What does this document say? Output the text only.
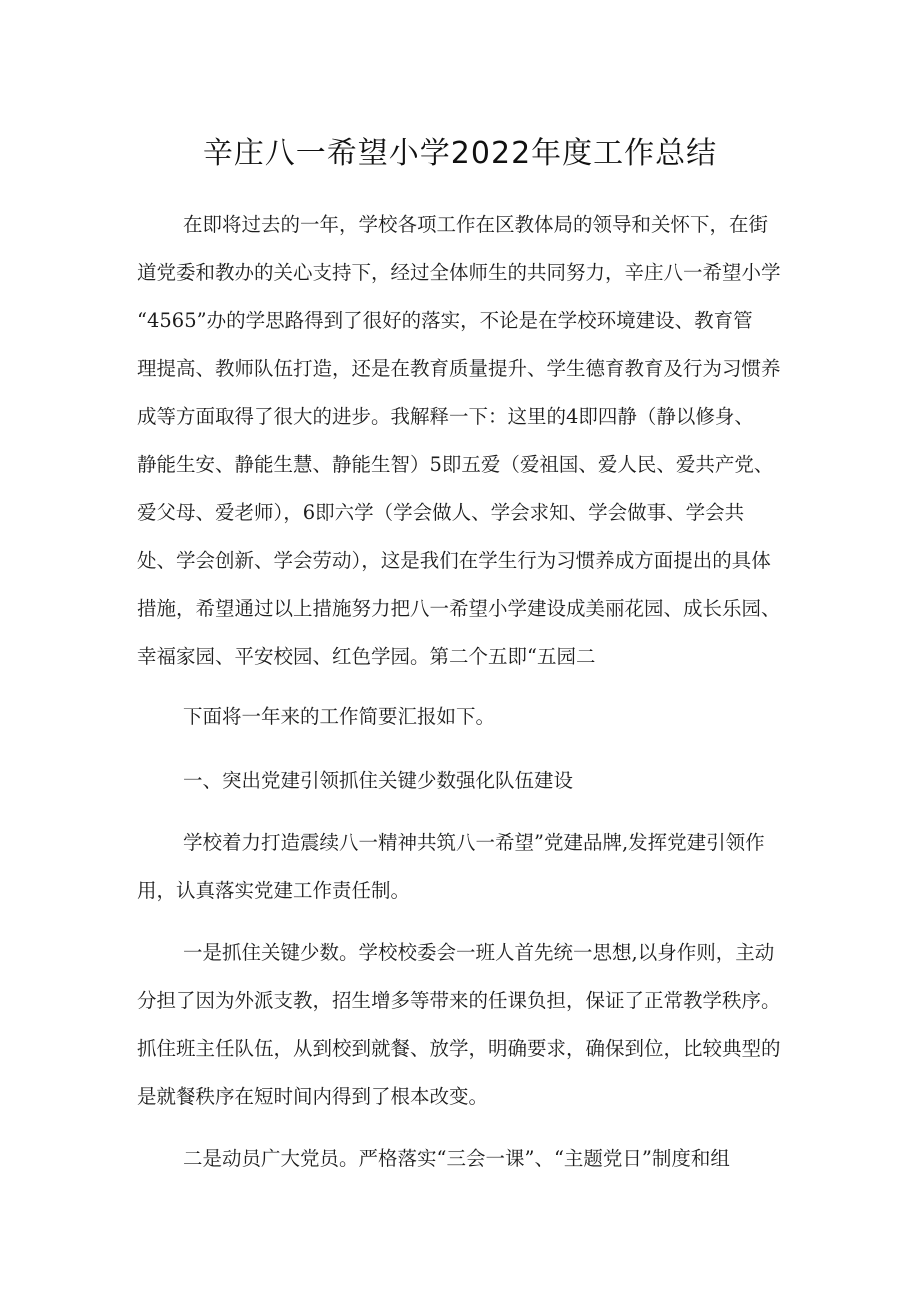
辛庄八一希望小学2022年度工作总结
在即将过去的一年，学校各项工作在区教体局的领导和关怀下，在街
道党委和教办的关心支持下，经过全体师生的共同努力，辛庄八一希望小学
“4565”办的学思路得到了很好的落实，不论是在学校环境建设、教育管
理提高、教师队伍打造，还是在教育质量提升、学生德育教育及行为习惯养
成等方面取得了很大的进步。我解释一下：这里的4即四静（静以修身、
静能生安、静能生慧、静能生智）5即五爱（爱祖国、爱人民、爱共产党、
爱父母、爱老师），6即六学（学会做人、学会求知、学会做事、学会共
处、学会创新、学会劳动），这是我们在学生行为习惯养成方面提出的具体
措施，希望通过以上措施努力把八一希望小学建设成美丽花园、成长乐园、
幸福家园、平安校园、红色学园。第二个五即“五园二
下面将一年来的工作简要汇报如下。
一、突出党建引领抓住关键少数强化队伍建设
学校着力打造震续八一精神共筑八一希望”党建品牌,发挥党建引领作
用，认真落实党建工作责任制。
一是抓住关键少数。学校校委会一班人首先统一思想,以身作则，主动
分担了因为外派支教，招生增多等带来的任课负担，保证了正常教学秩序。
抓住班主任队伍，从到校到就餐、放学，明确要求，确保到位，比较典型的
是就餐秩序在短时间内得到了根本改变。
二是动员广大党员。严格落实“三会一课”、“主题党日”制度和组
